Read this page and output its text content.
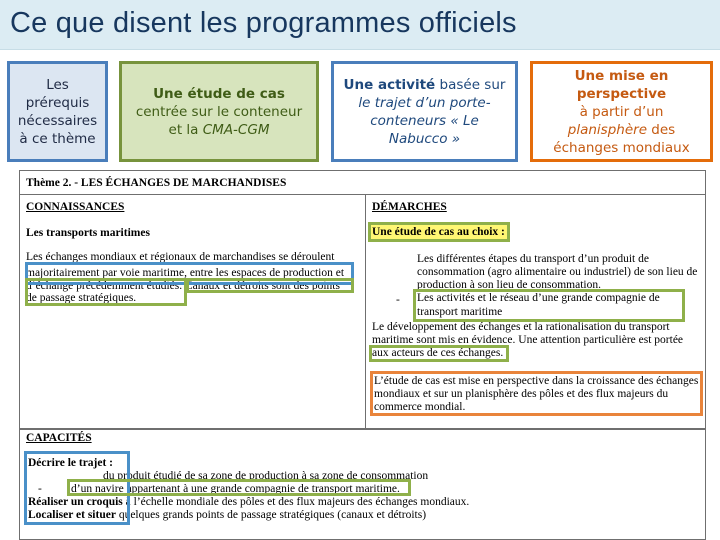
Ce que disent les programmes officiels
Les prérequis nécessaires à ce thème
Une étude de cas
centrée sur le conteneur et la CMA-CGM
Une activité basée sur
le trajet d’un porte-conteneurs « Le Nabucco »
Une mise en perspective
à partir d’un planisphère des échanges mondiaux
Thème 2. - LES ÉCHANGES DE MARCHANDISES
CONNAISSANCES
Les transports maritimes
Les échanges mondiaux et régionaux de marchandises se déroulent
majoritairement par voie maritime, entre les espaces de production et
d’échange précédemment étudiés. Canaux et détroits sont des points
de passage stratégiques.
DÉMARCHES
Une étude de cas au choix :
Les différentes étapes du transport d’un produit de
consommation (agro alimentaire ou industriel) de son lieu de
production à son lieu de consommation.
- Les activités et le réseau d’une grande compagnie de
transport maritime
Le développement des échanges et la rationalisation du transport
maritime sont mis en évidence. Une attention particulière est portée
aux acteurs de ces échanges.
L’étude de cas est mise en perspective dans la croissance des échanges
mondiaux et sur un planisphère des pôles et des flux majeurs du
commerce mondial.
CAPACITÉS
Décrire le trajet :
du produit étudié de sa zone de production à sa zone de consommation
-	d’un navire appartenant à une grande compagnie de transport maritime.
Réaliser un croquis à l’échelle mondiale des pôles et des flux majeurs des échanges mondiaux.
Localiser et situer quelques grands points de passage stratégiques (canaux et détroits)
